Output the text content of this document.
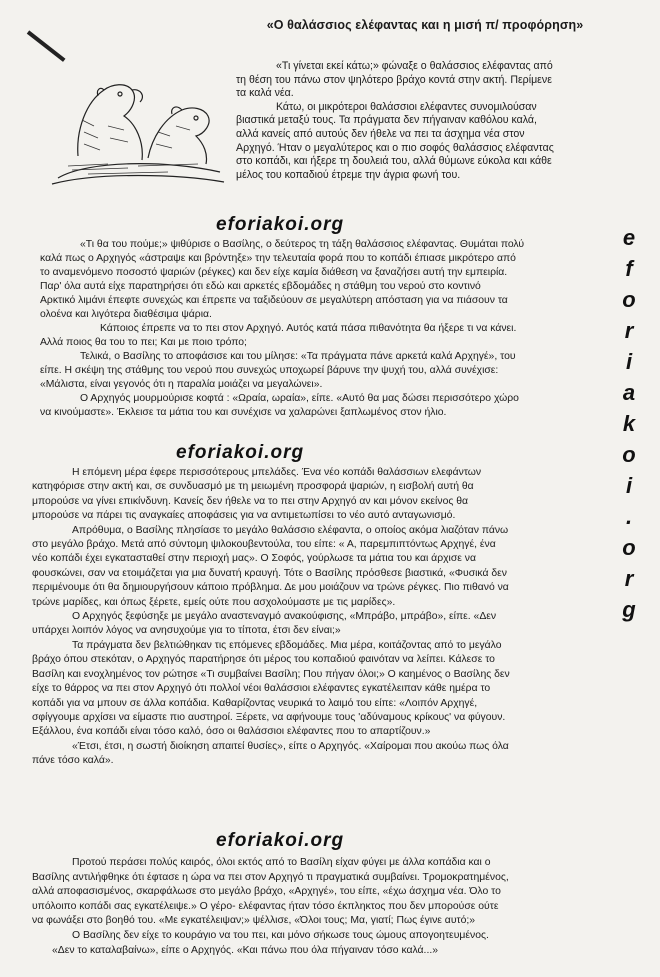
«Ο θαλάσσιος ελέφαντας και η μισή π/ προφόρηση»

«Τι γίνεται εκεί κάτω;» φώναξε ο θαλάσσιος ελέφαντας από

τη θέση του πάνω στον ψηλότερο βράχο κοντά στην ακτή. Περίμενε

τα καλά νέα.

Κάτω, οι μικρότεροι θαλάσσιοι ελέφαντες συνομιλούσαν

βιαστικά μεταξύ τους. Τα πράγματα δεν πήγαιναν καθόλου καλά,

αλλά κανείς από αυτούς δεν ήθελε να πει τα άσχημα νέα στον

Αρχηγό. Ήταν ο μεγαλύτερος και ο πιο σοφός θαλάσσιος ελέφαντας

στο κοπάδι, και ήξερε τη δουλειά του, αλλά θύμωνε εύκολα και κάθε

μέλος του κοπαδιού έτρεμε την άγρια φωνή του.

eforiakoi.org

«Τι θα του πούμε;» ψιθύρισε ο Βασίλης, ο δεύτερος τη τάξη θαλάσσιος ελέφαντας. Θυμάται πολύ

καλά πως ο Αρχηγός «άστραψε και βρόντηξε» την τελευταία φορά που το κοπάδι έπιασε μικρότερο από

το αναμενόμενο ποσοστό ψαριών (ρέγκες) και δεν είχε καμία διάθεση να ξαναζήσει αυτή την εμπειρία.

Παρ' όλα αυτά είχε παρατηρήσει ότι εδώ και αρκετές εβδομάδες η στάθμη του νερού στο κοντινό

Αρκτικό λιμάνι έπεφτε συνεχώς και έπρεπε να ταξιδεύουν σε μεγαλύτερη απόσταση για να πιάσουν τα

ολοένα και λιγότερα διαθέσιμα ψάρια.

Κάποιος έπρεπε να το πει στον Αρχηγό. Αυτός κατά πάσα πιθανότητα θα ήξερε τι να κάνει.

Αλλά ποιος θα του το πει; Και με ποιο τρόπο;

Τελικά, ο Βασίλης το αποφάσισε και του μίλησε: «Τα πράγματα πάνε αρκετά καλά Αρχηγέ», του

είπε. Η σκέψη της στάθμης του νερού που συνεχώς υποχωρεί βάρυνε την ψυχή του, αλλά συνέχισε:

«Μάλιστα, είναι γεγονός ότι η παραλία μοιάζει να μεγαλώνει».

Ο Αρχηγός μουρμούρισε κοφτά : «Ωραία, ωραία», είπε. «Αυτό θα μας δώσει περισσότερο χώρο

να κινούμαστε». Έκλεισε τα μάτια του και συνέχισε να χαλαρώνει ξαπλωμένος στον ήλιο.

eforiakoi.org

Η επόμενη μέρα έφερε περισσότερους μπελάδες. Ένα νέο κοπάδι θαλάσσιων ελεφάντων

κατηφόρισε στην ακτή και, σε συνδυασμό με τη μειωμένη προσφορά ψαριών, η εισβολή αυτή θα

μπορούσε να γίνει επικίνδυνη. Κανείς δεν ήθελε να το πει στην Αρχηγό αν και μόνον εκείνος θα

μπορούσε να πάρει τις αναγκαίες αποφάσεις για να αντιμετωπίσει το νέο αυτό ανταγωνισμό.

Απρόθυμα, ο Βασίλης πλησίασε το μεγάλο θαλάσσιο ελέφαντα, ο οποίος ακόμα λιαζόταν πάνω

στο μεγάλο βράχο. Μετά από σύντομη ψιλοκουβεντούλα, του είπε: « Α, παρεμπιπτόντως Αρχηγέ, ένα

νέο κοπάδι έχει εγκατασταθεί στην περιοχή μας». Ο Σοφός, γούρλωσε τα μάτια του και άρχισε να

φουσκώνει, σαν να ετοιμάζεται για μια δυνατή κραυγή. Τότε ο Βασίλης πρόσθεσε βιαστικά, «Φυσικά δεν

περιμένουμε ότι θα δημιουργήσουν κάποιο πρόβλημα. Δε μου μοιάζουν να τρώνε ρέγκες. Πιο πιθανό να

τρώνε μαρίδες, και όπως ξέρετε, εμείς ούτε που ασχολούμαστε με τις μαρίδες».

Ο Αρχηγός ξεφύσηξε με μεγάλο αναστεναγμό ανακούφισης, «Μπράβο, μπράβο», είπε. «Δεν

υπάρχει λοιπόν λόγος να ανησυχούμε για το τίποτα, έτσι δεν είναι;»

Τα πράγματα δεν βελτιώθηκαν τις επόμενες εβδομάδες. Μια μέρα, κοιτάζοντας από το μεγάλο

βράχο όπου στεκόταν, ο Αρχηγός παρατήρησε ότι μέρος του κοπαδιού φαινόταν να λείπει. Κάλεσε το

Βασίλη και ενοχλημένος τον ρώτησε «Τι συμβαίνει Βασίλη; Που πήγαν όλοι;» Ο καημένος ο Βασίλης δεν

είχε το θάρρος να πει στον Αρχηγό ότι πολλοί νέοι θαλάσσιοι ελέφαντες εγκατέλειπαν κάθε ημέρα το

κοπάδι για να μπουν σε άλλα κοπάδια. Καθαρίζοντας νευρικά το λαιμό του είπε: «Λοιπόν Αρχηγέ,

σφίγγουμε αρχίσει να είμαστε πιο αυστηροί. Ξέρετε, να αφήνουμε τους 'αδύναμους κρίκους' να φύγουν.

Εξάλλου, ένα κοπάδι είναι τόσο καλό, όσο οι θαλάσσιοι ελέφαντες που το απαρτίζουν.»

«Έτσι, έτσι, η σωστή διοίκηση απαιτεί θυσίες», είπε ο Αρχηγός. «Χαίρομαι που ακούω πως όλα

πάνε τόσο καλά».

eforiakoi.org

Προτού περάσει πολύς καιρός, όλοι εκτός από το Βασίλη είχαν φύγει με άλλα κοπάδια και ο

Βασίλης αντιλήφθηκε ότι έφτασε η ώρα να πει στον Αρχηγό τι πραγματικά συμβαίνει. Τρομοκρατημένος,

αλλά αποφασισμένος, σκαρφάλωσε στο μεγάλο βράχο, «Αρχηγέ», του είπε, «έχω άσχημα νέα. Όλο το

υπόλοιπο κοπάδι σας εγκατέλειψε.» Ο γέρο- ελέφαντας ήταν τόσο έκπληκτος που δεν μπορούσε ούτε

να φωνάξει στο βοηθό του. «Με εγκατέλειψαν;» ψέλλισε, «Όλοι τους; Μα, γιατί; Πως έγινε αυτό;»

Ο Βασίλης δεν είχε το κουράγιο να του πει, και μόνο σήκωσε τους ώμους απογοητευμένος.

«Δεν το καταλαβαίνω», είπε ο Αρχηγός. «Και πάνω που όλα πήγαιναν τόσο καλά...»

e
f
o
r
i
a
k
o
i
.
o
r
g
